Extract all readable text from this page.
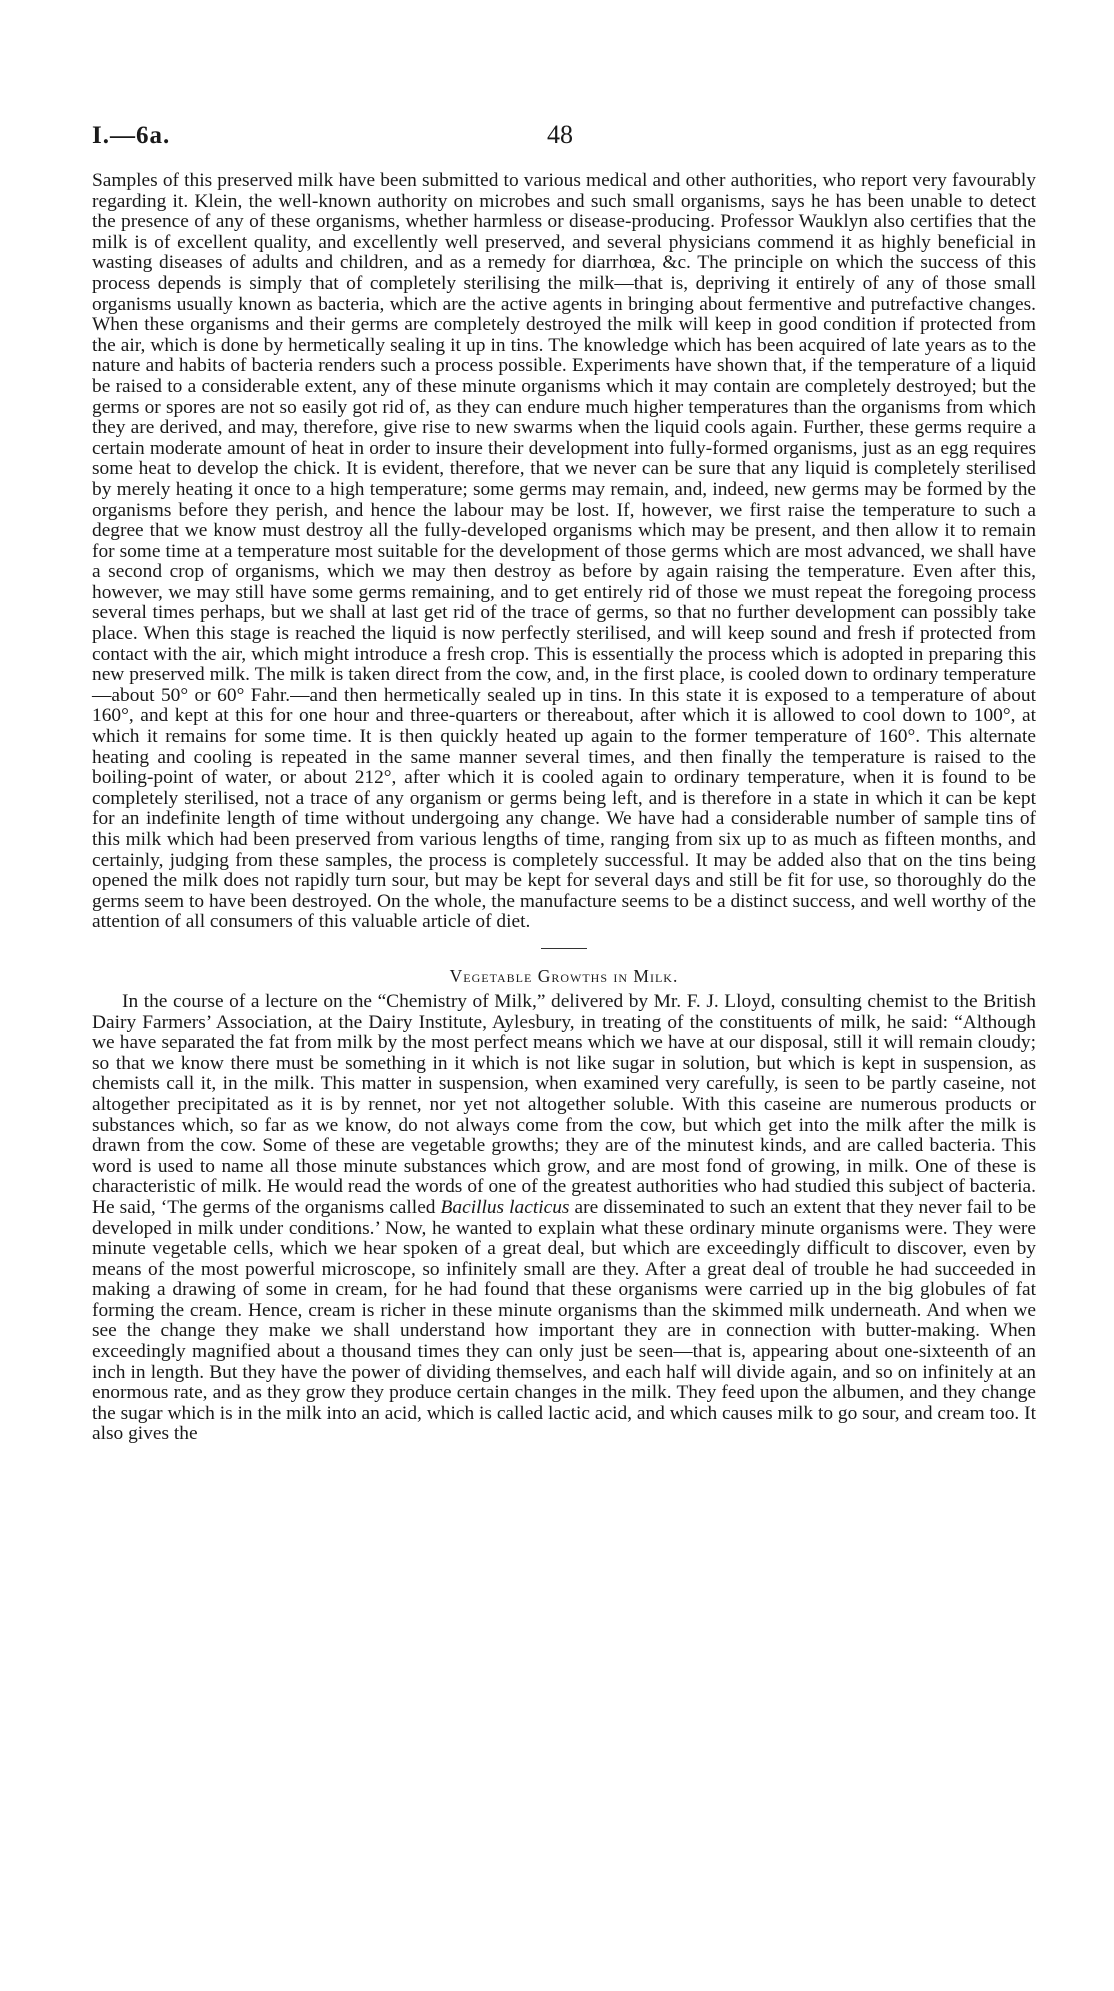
I.—6a.	48

Samples of this preserved milk have been submitted to various medical and other authorities, who report very favourably regarding it. Klein, the well-known authority on microbes and such small organisms, says he has been unable to detect the presence of any of these organisms, whether harmless or disease-producing. Professor Wauklyn also certifies that the milk is of excellent quality, and excellently well preserved, and several physicians commend it as highly beneficial in wasting diseases of adults and children, and as a remedy for diarrhœa, &c. The principle on which the success of this process depends is simply that of completely sterilising the milk—that is, depriving it entirely of any of those small organisms usually known as bacteria, which are the active agents in bringing about fermentive and putrefactive changes. When these organisms and their germs are completely destroyed the milk will keep in good condition if protected from the air, which is done by hermetically sealing it up in tins. The knowledge which has been acquired of late years as to the nature and habits of bacteria renders such a process possible. Experiments have shown that, if the temperature of a liquid be raised to a considerable extent, any of these minute organisms which it may contain are completely destroyed; but the germs or spores are not so easily got rid of, as they can endure much higher temperatures than the organisms from which they are derived, and may, therefore, give rise to new swarms when the liquid cools again. Further, these germs require a certain moderate amount of heat in order to insure their development into fully-formed organisms, just as an egg requires some heat to develop the chick. It is evident, therefore, that we never can be sure that any liquid is completely sterilised by merely heating it once to a high temperature; some germs may remain, and, indeed, new germs may be formed by the organisms before they perish, and hence the labour may be lost. If, however, we first raise the temperature to such a degree that we know must destroy all the fully-developed organisms which may be present, and then allow it to remain for some time at a temperature most suitable for the development of those germs which are most advanced, we shall have a second crop of organisms, which we may then destroy as before by again raising the temperature. Even after this, however, we may still have some germs remaining, and to get entirely rid of those we must repeat the foregoing process several times perhaps, but we shall at last get rid of the trace of germs, so that no further development can possibly take place. When this stage is reached the liquid is now perfectly sterilised, and will keep sound and fresh if protected from contact with the air, which might introduce a fresh crop. This is essentially the process which is adopted in preparing this new preserved milk. The milk is taken direct from the cow, and, in the first place, is cooled down to ordinary temperature—about 50° or 60° Fahr.—and then hermetically sealed up in tins. In this state it is exposed to a temperature of about 160°, and kept at this for one hour and three-quarters or thereabout, after which it is allowed to cool down to 100°, at which it remains for some time. It is then quickly heated up again to the former temperature of 160°. This alternate heating and cooling is repeated in the same manner several times, and then finally the temperature is raised to the boiling-point of water, or about 212°, after which it is cooled again to ordinary temperature, when it is found to be completely sterilised, not a trace of any organism or germs being left, and is therefore in a state in which it can be kept for an indefinite length of time without undergoing any change. We have had a considerable number of sample tins of this milk which had been preserved from various lengths of time, ranging from six up to as much as fifteen months, and certainly, judging from these samples, the process is completely successful. It may be added also that on the tins being opened the milk does not rapidly turn sour, but may be kept for several days and still be fit for use, so thoroughly do the germs seem to have been destroyed. On the whole, the manufacture seems to be a distinct success, and well worthy of the attention of all consumers of this valuable article of diet.

Vegetable Growths in Milk.

In the course of a lecture on the “Chemistry of Milk,” delivered by Mr. F. J. Lloyd, consulting chemist to the British Dairy Farmers’ Association, at the Dairy Institute, Aylesbury, in treating of the constituents of milk, he said: “Although we have separated the fat from milk by the most perfect means which we have at our disposal, still it will remain cloudy; so that we know there must be something in it which is not like sugar in solution, but which is kept in suspension, as chemists call it, in the milk. This matter in suspension, when examined very carefully, is seen to be partly caseine, not altogether precipitated as it is by rennet, nor yet not altogether soluble. With this caseine are numerous products or substances which, so far as we know, do not always come from the cow, but which get into the milk after the milk is drawn from the cow. Some of these are vegetable growths; they are of the minutest kinds, and are called bacteria. This word is used to name all those minute substances which grow, and are most fond of growing, in milk. One of these is characteristic of milk. He would read the words of one of the greatest authorities who had studied this subject of bacteria. He said, ‘The germs of the organisms called Bacillus lacticus are disseminated to such an extent that they never fail to be developed in milk under conditions.’ Now, he wanted to explain what these ordinary minute organisms were. They were minute vegetable cells, which we hear spoken of a great deal, but which are exceedingly difficult to discover, even by means of the most powerful microscope, so infinitely small are they. After a great deal of trouble he had succeeded in making a drawing of some in cream, for he had found that these organisms were carried up in the big globules of fat forming the cream. Hence, cream is richer in these minute organisms than the skimmed milk underneath. And when we see the change they make we shall understand how important they are in connection with butter-making. When exceedingly magnified about a thousand times they can only just be seen—that is, appearing about one-sixteenth of an inch in length. But they have the power of dividing themselves, and each half will divide again, and so on infinitely at an enormous rate, and as they grow they produce certain changes in the milk. They feed upon the albumen, and they change the sugar which is in the milk into an acid, which is called lactic acid, and which causes milk to go sour, and cream too. It also gives the
